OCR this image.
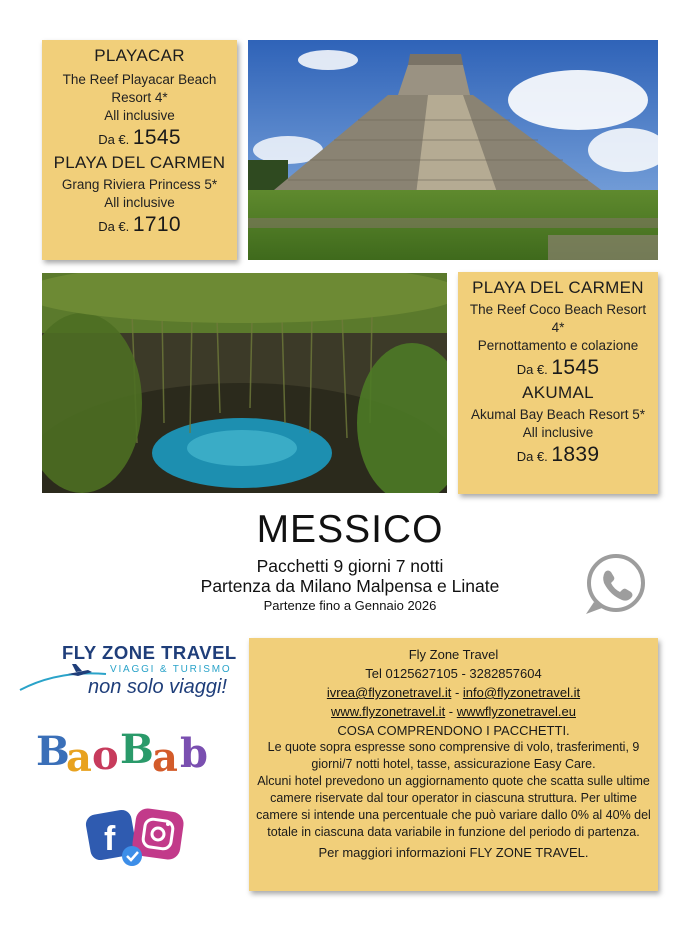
PLAYACAR
The Reef Playacar Beach
Resort 4*
All inclusive
Da €. 1545
PLAYA DEL CARMEN
Grang Riviera Princess 5*
All inclusive
Da €. 1710
PLAYA DEL CARMEN
The Reef Coco Beach Resort
4*
Pernottamento e colazione
Da €. 1545
AKUMAL
Akumal Bay Beach Resort 5*
All inclusive
Da €. 1839
MESSICO
Pacchetti 9 giorni 7 notti
Partenza da Milano Malpensa e Linate
Partenze fino a Gennaio 2026
FLY ZONE TRAVEL
VIAGGI & TURISMO
non solo viaggi!
B
a o B
a b
f
Fly Zone Travel
Tel 0125627105 - 3282857604
ivrea@flyzonetravel.it - info@flyzonetravel.it
www.flyzonetravel.it - wwwflyzonetravel.eu
COSA COMPRENDONO I PACCHETTI.
Le quote sopra espresse sono comprensive di volo, trasferimenti, 9 giorni/7 notti hotel, tasse, assicurazione Easy Care.
Alcuni hotel prevedono un aggiornamento quote che scatta sulle ultime camere riservate dal tour operator in ciascuna struttura. Per ultime camere si intende una percentuale che può variare dallo 0% al 40% del totale in ciascuna data variabile in funzione del periodo di partenza.
Per maggiori informazioni FLY ZONE TRAVEL.
